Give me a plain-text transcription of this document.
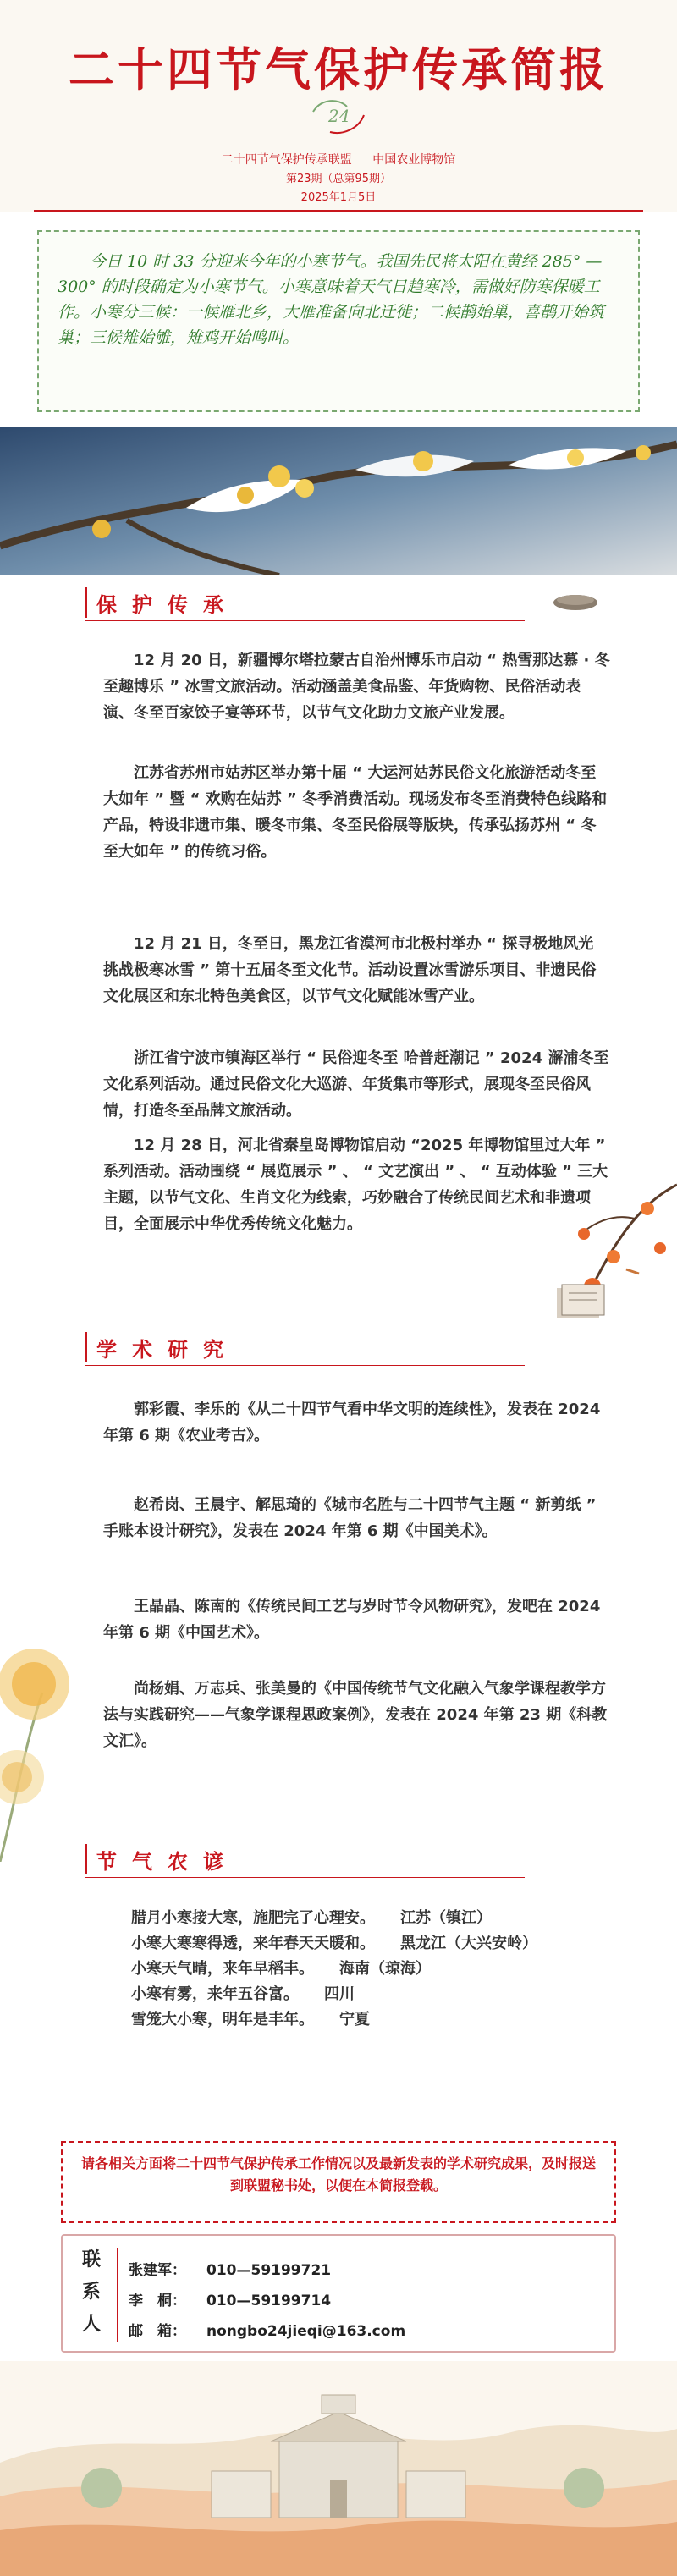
二十四节气保护传承简报
24
二十四节气保护传承联盟 中国农业博物馆
第23期（总第95期）
2025年1月5日

今日 10 时 33 分迎来今年的小寒节气。我国先民将太阳在黄经 285° —300° 的时段确定为小寒节气。小寒意味着天气日趋寒冷，需做好防寒保暖工作。小寒分三候：一候雁北乡，大雁准备向北迁徙；二候鹊始巢，喜鹊开始筑巢；三候雉始雊，雉鸡开始鸣叫。

保护传承
12 月 20 日，新疆博尔塔拉蒙古自治州博乐市启动 “ 热雪那达慕 · 冬至趣博乐 ” 冰雪文旅活动。活动涵盖美食品鉴、年货购物、民俗活动表演、冬至百家饺子宴等环节，以节气文化助力文旅产业发展。
江苏省苏州市姑苏区举办第十届 “ 大运河姑苏民俗文化旅游活动冬至大如年 ” 暨 “ 欢购在姑苏 ” 冬季消费活动。现场发布冬至消费特色线路和产品，特设非遗市集、暖冬市集、冬至民俗展等版块，传承弘扬苏州 “ 冬至大如年 ” 的传统习俗。
12 月 21 日，冬至日，黑龙江省漠河市北极村举办 “ 探寻极地风光 挑战极寒冰雪 ” 第十五届冬至文化节。活动设置冰雪游乐项目、非遗民俗文化展区和东北特色美食区，以节气文化赋能冰雪产业。
浙江省宁波市镇海区举行 “ 民俗迎冬至 哈普赶潮记 ” 2024 澥浦冬至文化系列活动。通过民俗文化大巡游、年货集市等形式，展现冬至民俗风情，打造冬至品牌文旅活动。
12 月 28 日，河北省秦皇岛博物馆启动 “2025 年博物馆里过大年 ” 系列活动。活动围绕 “ 展览展示 ” 、 “ 文艺演出 ” 、 “ 互动体验 ” 三大主题，以节气文化、生肖文化为线索，巧妙融合了传统民间艺术和非遗项目，全面展示中华优秀传统文化魅力。
学术研究
郭彩霞、李乐的《从二十四节气看中华文明的连续性》，发表在 2024 年第 6 期《农业考古》。
赵希岗、王晨宇、解思琦的《城市名胜与二十四节气主题 “ 新剪纸 ” 手账本设计研究》，发表在 2024 年第 6 期《中国美术》。
王晶晶、陈南的《传统民间工艺与岁时节令风物研究》，发吧在 2024 年第 6 期《中国艺术》。
尚杨娟、万志兵、张美曼的《中国传统节气文化融入气象学课程教学方法与实践研究——气象学课程思政案例》，发表在 2024 年第 23 期《科教文汇》。
节气农谚
腊月小寒接大寒，施肥完了心理安。 江苏（镇江）
小寒大寒寒得透，来年春天天暖和。 黑龙江（大兴安岭）
小寒天气晴，来年早稻丰。 海南（琼海）
小寒有雾，来年五谷富。 四川
雪笼大小寒，明年是丰年。 宁夏
请各相关方面将二十四节气保护传承工作情况以及最新发表的学术研究成果，及时报送到联盟秘书处，以便在本简报登载。
联系人
张建军： 010—59199721
李　桐： 010—59199714
邮　箱： nongbo24jieqi@163.com
